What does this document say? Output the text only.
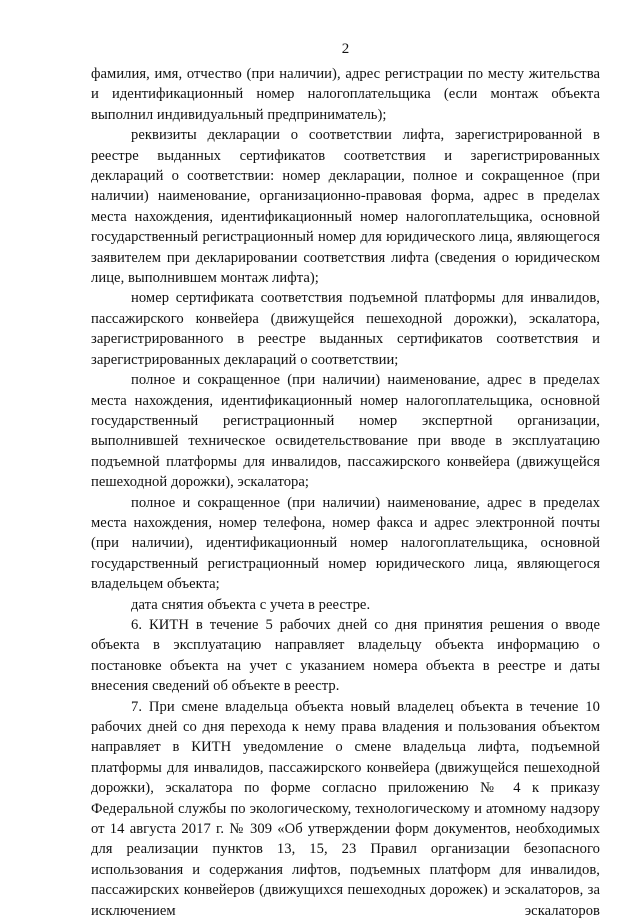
2

фамилия, имя, отчество (при наличии), адрес регистрации по месту жительства и идентификационный номер налогоплательщика (если монтаж объекта выполнил индивидуальный предприниматель);

реквизиты декларации о соответствии лифта, зарегистрированной в реестре выданных сертификатов соответствия и зарегистрированных деклараций о соответствии: номер декларации, полное и сокращенное (при наличии) наименование, организационно-правовая форма, адрес в пределах места нахождения, идентификационный номер налогоплательщика, основной государственный регистрационный номер для юридического лица, являющегося заявителем при декларировании соответствия лифта (сведения о юридическом лице, выполнившем монтаж лифта);

номер сертификата соответствия подъемной платформы для инвалидов, пассажирского конвейера (движущейся пешеходной дорожки), эскалатора, зарегистрированного в реестре выданных сертификатов соответствия и зарегистрированных деклараций о соответствии;

полное и сокращенное (при наличии) наименование, адрес в пределах места нахождения, идентификационный номер налогоплательщика, основной государственный регистрационный номер экспертной организации, выполнившей техническое освидетельствование при вводе в эксплуатацию подъемной платформы для инвалидов, пассажирского конвейера (движущейся пешеходной дорожки), эскалатора;

полное и сокращенное (при наличии) наименование, адрес в пределах места нахождения, номер телефона, номер факса и адрес электронной почты (при наличии), идентификационный номер налогоплательщика, основной государственный регистрационный номер юридического лица, являющегося владельцем объекта;

дата снятия объекта с учета в реестре.

6. КИТН в течение 5 рабочих дней со дня принятия решения о вводе объекта в эксплуатацию направляет владельцу объекта информацию о постановке объекта на учет с указанием номера объекта в реестре и даты внесения сведений об объекте в реестр.

7. При смене владельца объекта новый владелец объекта в течение 10 рабочих дней со дня перехода к нему права владения и пользования объектом направляет в КИТН уведомление о смене владельца лифта, подъемной платформы для инвалидов, пассажирского конвейера (движущейся пешеходной дорожки), эскалатора по форме согласно приложению № 4 к приказу Федеральной службы по экологическому, технологическому и атомному надзору от 14 августа 2017 г. № 309 «Об утверждении форм документов, необходимых для реализации пунктов 13, 15, 23 Правил организации безопасного использования и содержания лифтов, подъемных платформ для инвалидов, пассажирских конвейеров (движущихся пешеходных дорожек) и эскалаторов, за исключением эскалаторов
